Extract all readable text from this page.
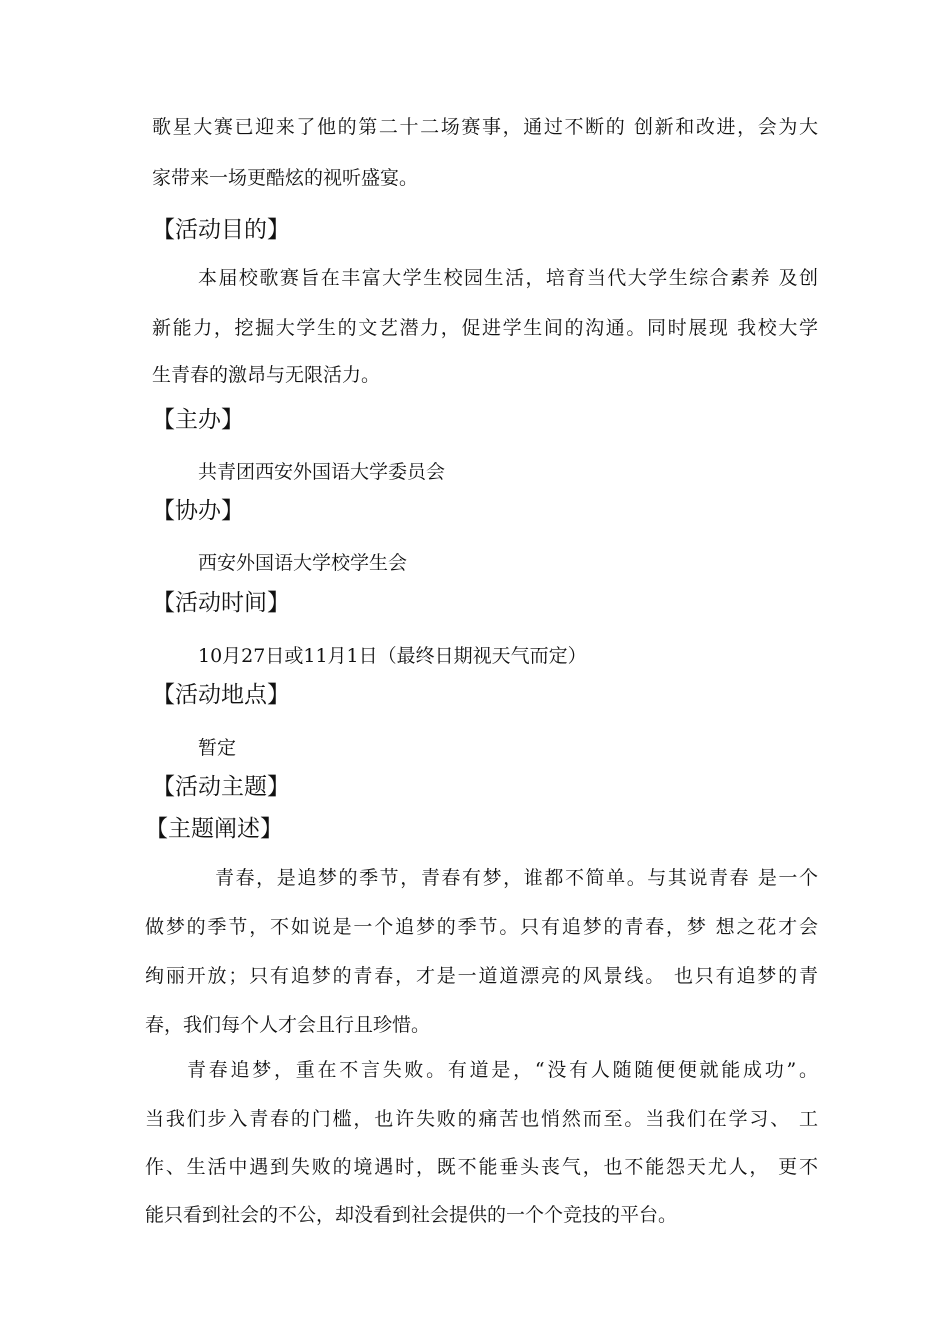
歌星大赛已迎来了他的第二十二场赛事，通过不断的 创新和改进，会为大
家带来一场更酷炫的视听盛宴。
【活动目的】
本届校歌赛旨在丰富大学生校园生活，培育当代大学生综合素养 及创
新能力，挖掘大学生的文艺潜力，促进学生间的沟通。同时展现 我校大学
生青春的激昂与无限活力。
【主办】
共青团西安外国语大学委员会
【协办】
西安外国语大学校学生会
【活动时间】
10月27日或11月1日（最终日期视天气而定）
【活动地点】
暂定
【活动主题】
【主题阐述】
青春，是追梦的季节，青春有梦，谁都不简单。与其说青春 是一个
做梦的季节，不如说是一个追梦的季节。只有追梦的青春，梦 想之花才会
绚丽开放；只有追梦的青春，才是一道道漂亮的风景线。 也只有追梦的青
春，我们每个人才会且行且珍惜。
青春追梦，重在不言失败。有道是，“没有人随随便便就能成功”。
当我们步入青春的门槛，也许失败的痛苦也悄然而至。当我们在学习、 工
作、生活中遇到失败的境遇时，既不能垂头丧气，也不能怨天尤人， 更不
能只看到社会的不公，却没看到社会提供的一个个竞技的平台。
